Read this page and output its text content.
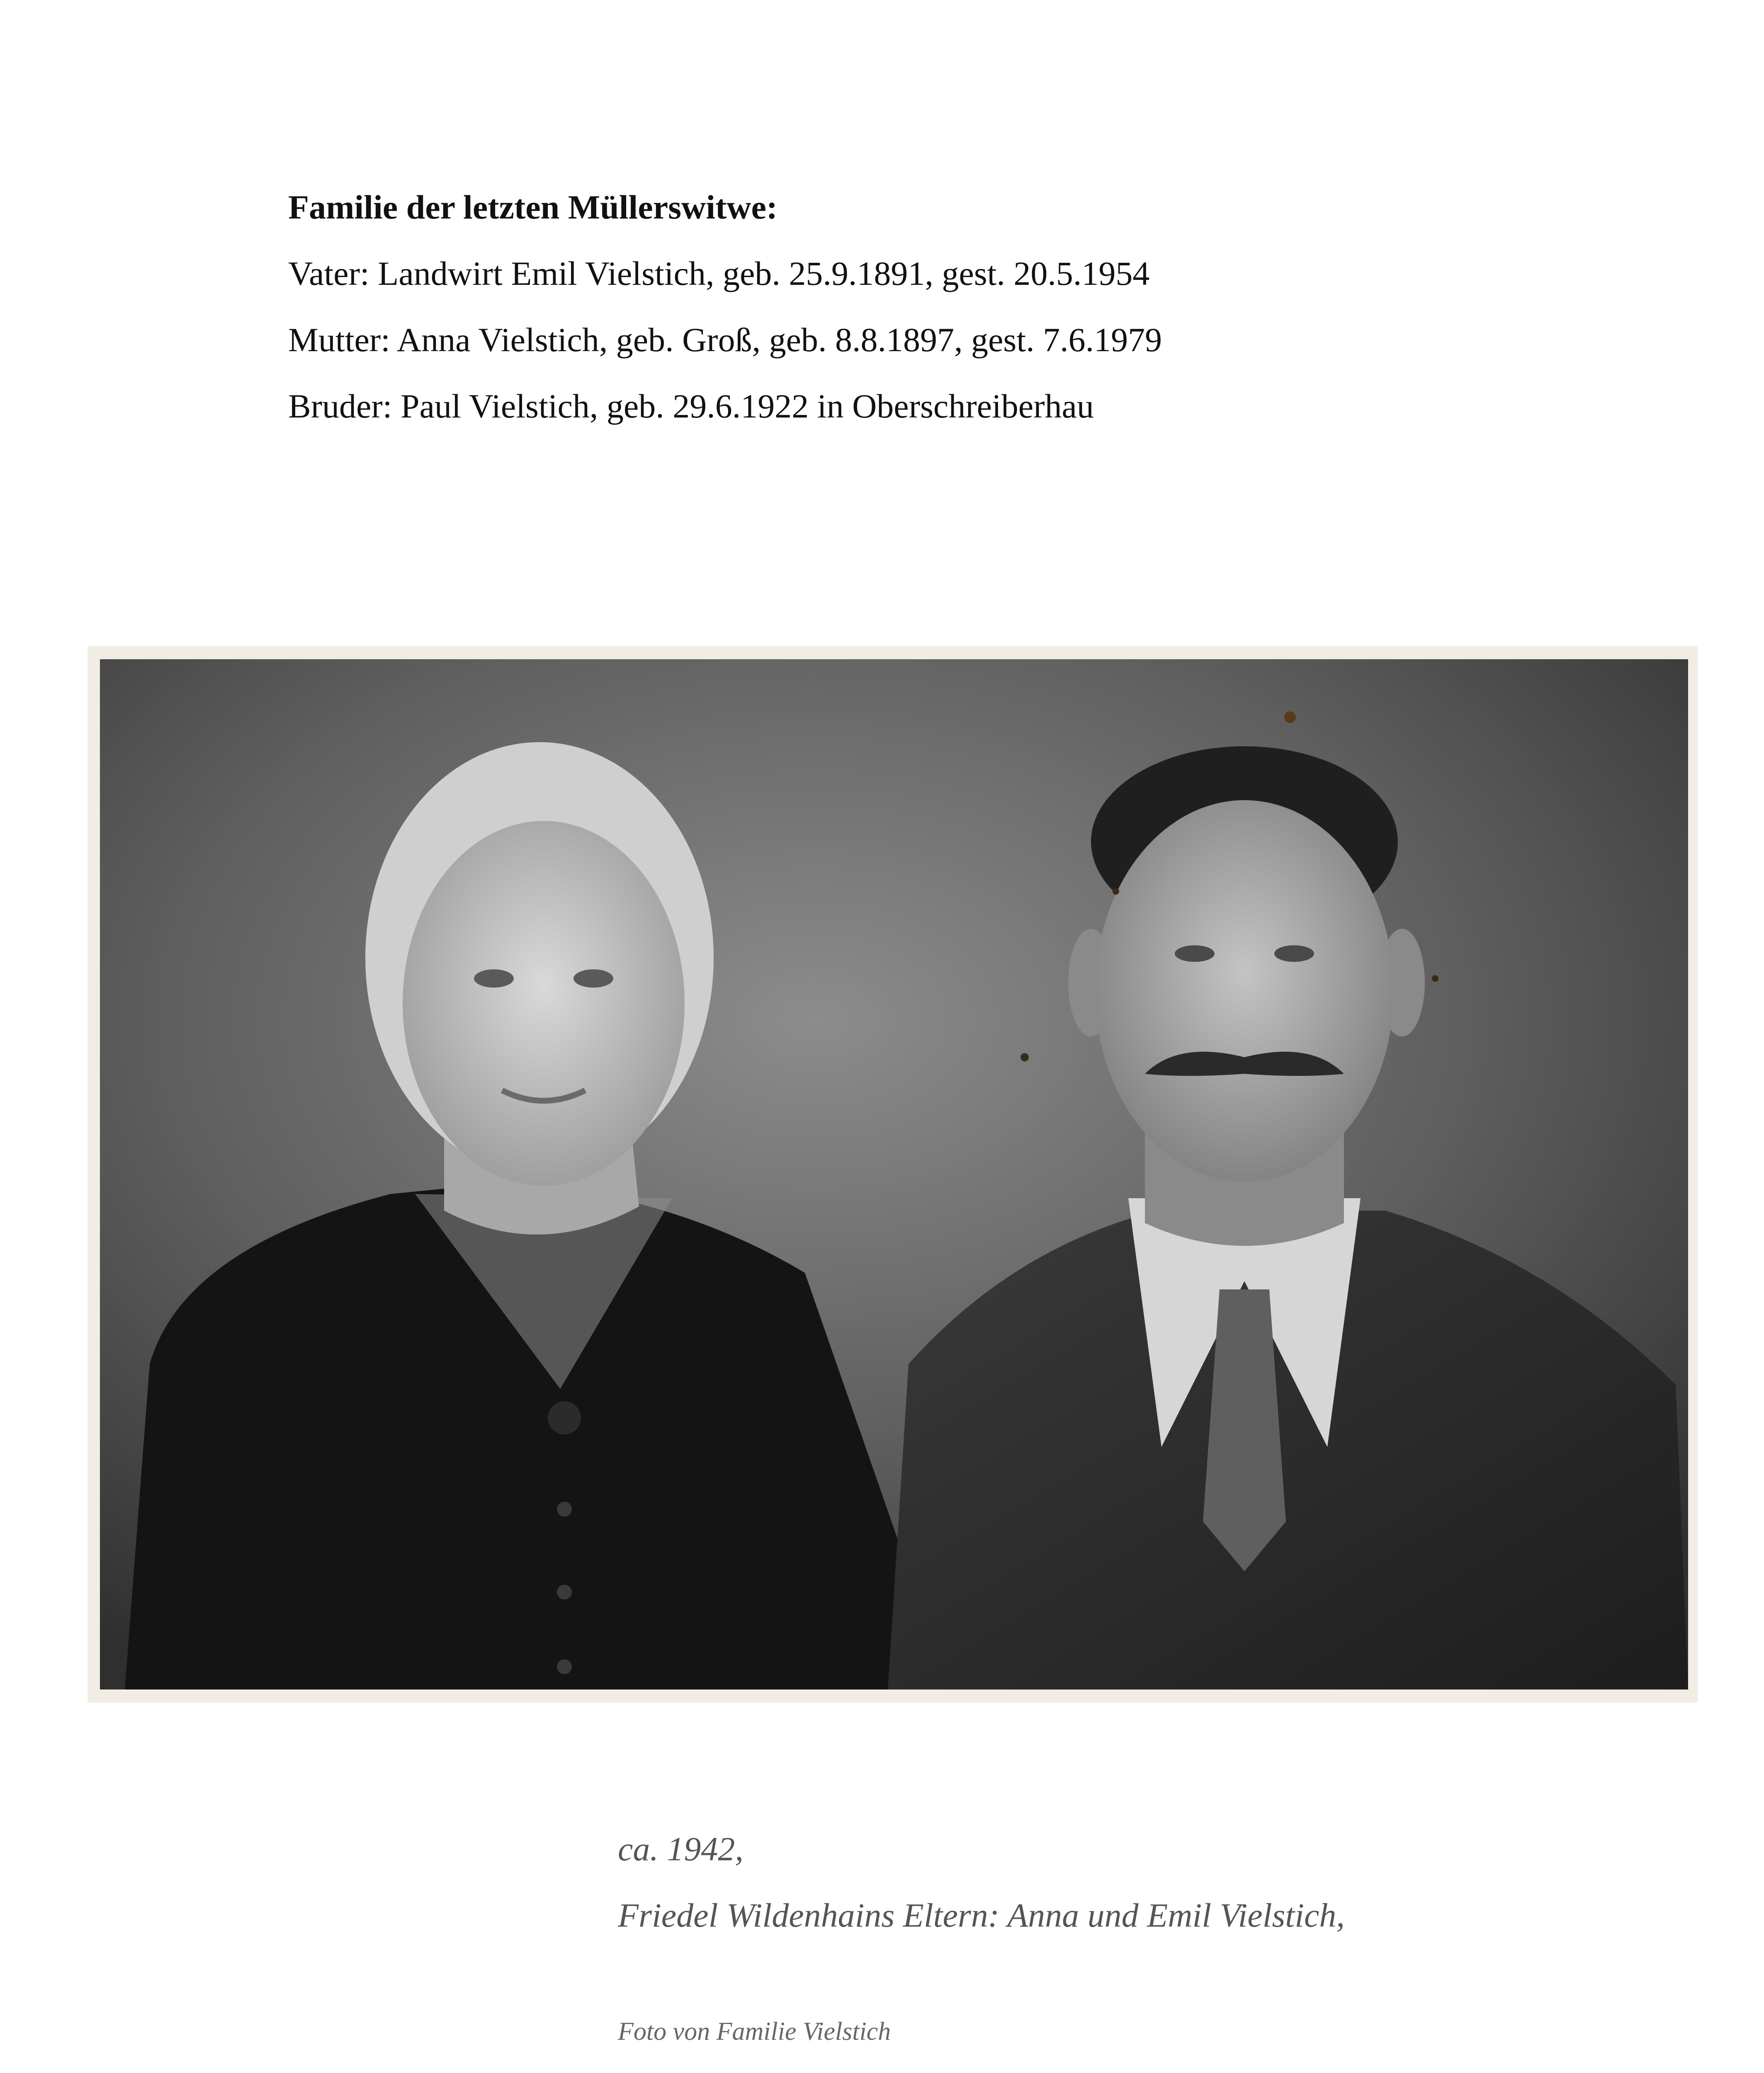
Familie der letzten Müllerswitwe:

Vater: Landwirt Emil Vielstich, geb. 25.9.1891, gest. 20.5.1954

Mutter: Anna Vielstich, geb. Groß, geb. 8.8.1897, gest. 7.6.1979

Bruder: Paul Vielstich, geb. 29.6.1922 in Oberschreiberhau

ca. 1942,

Friedel Wildenhains Eltern: Anna und Emil Vielstich,

Foto von Familie Vielstich
